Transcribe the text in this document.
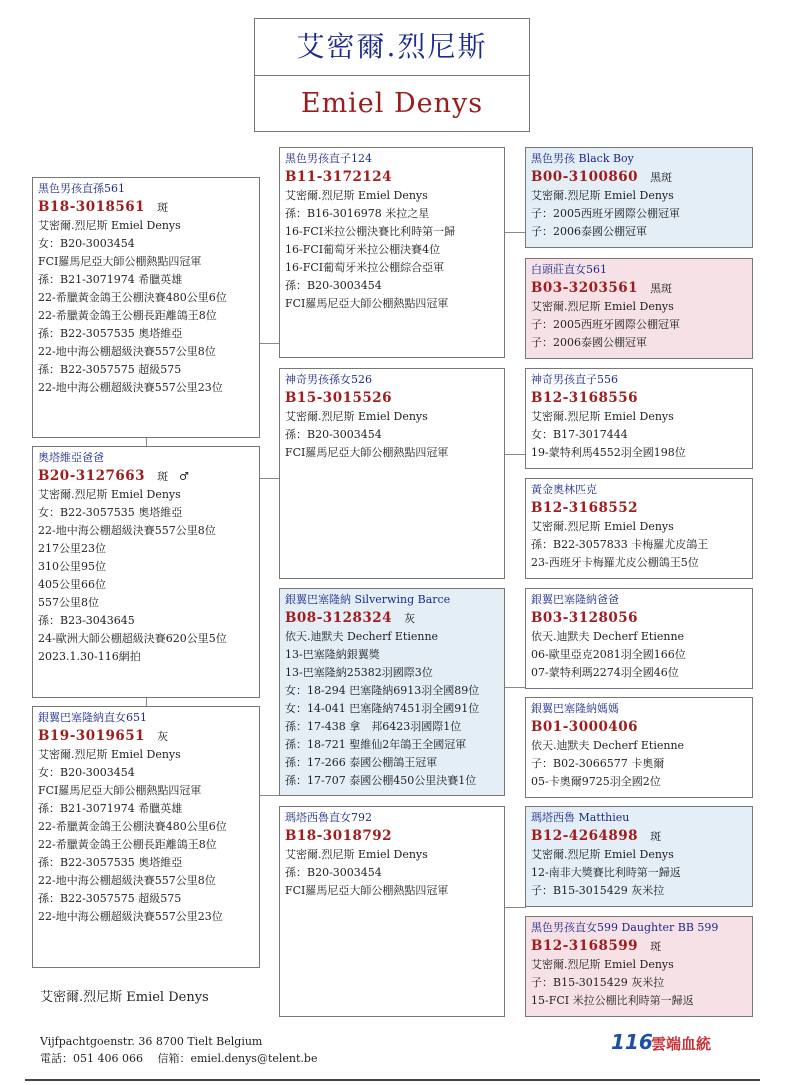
艾密爾.烈尼斯
Emiel Denys
黑色男孩直孫561
B18-3018561 斑
艾密爾.烈尼斯 Emiel Denys
女：B20-3003454
FCI羅馬尼亞大師公棚熱點四冠軍
孫：B21-3071974 希臘英雄
22-希臘黃金鴿王公棚決賽480公里6位
22-希臘黃金鴿王公棚長距離鴿王8位
孫：B22-3057535 奧塔維亞
22-地中海公棚超級決賽557公里8位
孫：B22-3057575 超級575
22-地中海公棚超級決賽557公里23位
奧塔維亞爸爸
B20-3127663 斑　♂
艾密爾.烈尼斯 Emiel Denys
女：B22-3057535 奧塔維亞
22-地中海公棚超級決賽557公里8位
217公里23位
310公里95位
405公里66位
557公里8位
孫：B23-3043645
24-歐洲大師公棚超級決賽620公里5位
2023.1.30-116網拍
銀翼巴塞隆納直女651
B19-3019651 灰
艾密爾.烈尼斯 Emiel Denys
女：B20-3003454
FCI羅馬尼亞大師公棚熱點四冠軍
孫：B21-3071974 希臘英雄
22-希臘黃金鴿王公棚決賽480公里6位
22-希臘黃金鴿王公棚長距離鴿王8位
孫：B22-3057535 奧塔維亞
22-地中海公棚超級決賽557公里8位
孫：B22-3057575 超級575
22-地中海公棚超級決賽557公里23位
黑色男孩直子124
B11-3172124
艾密爾.烈尼斯 Emiel Denys
孫：B16-3016978 米拉之星
16-FCI米拉公棚決賽比利時第一歸
16-FCI葡萄牙米拉公棚決賽4位
16-FCI葡萄牙米拉公棚綜合亞軍
孫：B20-3003454
FCI羅馬尼亞大師公棚熱點四冠軍
神奇男孩孫女526
B15-3015526
艾密爾.烈尼斯 Emiel Denys
孫：B20-3003454
FCI羅馬尼亞大師公棚熱點四冠軍
銀翼巴塞隆納 Silverwing Barce
B08-3128324 灰
依天.迪默夫 Decherf Etienne
13-巴塞隆納銀翼獎
13-巴塞隆納25382羽國際3位
女：18-294 巴塞隆納6913羽全國89位
女：14-041 巴塞隆納7451羽全國91位
孫：17-438 拿　邦6423羽國際1位
孫：18-721 聖維仙2年鴿王全國冠軍
孫：17-266 泰國公棚鴿王冠軍
孫：17-707 泰國公棚450公里決賽1位
瑪塔西魯直女792
B18-3018792
艾密爾.烈尼斯 Emiel Denys
孫：B20-3003454
FCI羅馬尼亞大師公棚熱點四冠軍
黑色男孩 Black Boy
B00-3100860 黑斑
艾密爾.烈尼斯 Emiel Denys
子：2005西班牙國際公棚冠軍
子：2006泰國公棚冠軍
白頭莊直女561
B03-3203561 黑斑
艾密爾.烈尼斯 Emiel Denys
子：2005西班牙國際公棚冠軍
子：2006泰國公棚冠軍
神奇男孩直子556
B12-3168556
艾密爾.烈尼斯 Emiel Denys
女：B17-3017444
19-蒙特利馬4552羽全國198位
黃金奧林匹克
B12-3168552
艾密爾.烈尼斯 Emiel Denys
孫：B22-3057833 卡梅羅尤皮鴿王
23-西班牙卡梅羅尤皮公棚鴿王5位
銀翼巴塞隆納爸爸
B03-3128056
依天.迪默夫 Decherf Etienne
06-歐里亞克2081羽全國166位
07-蒙特利瑪2274羽全國46位
銀翼巴塞隆納媽媽
B01-3000406
依天.迪默夫 Decherf Etienne
子：B02-3066577 卡奧爾
05-卡奧爾9725羽全國2位
瑪塔西魯 Matthieu
B12-4264898 斑
艾密爾.烈尼斯 Emiel Denys
12-南非大獎賽比利時第一歸返
子：B15-3015429 灰米拉
黑色男孩直女599 Daughter BB 599
B12-3168599 斑
艾密爾.烈尼斯 Emiel Denys
子：B15-3015429 灰米拉
15-FCI 米拉公棚比利時第一歸返
艾密爾.烈尼斯 Emiel Denys
Vijfpachtgoenstr. 36 8700 Tielt Belgium
電話：051 406 066　 信箱：emiel.denys@telent.be
116
雲端血統
